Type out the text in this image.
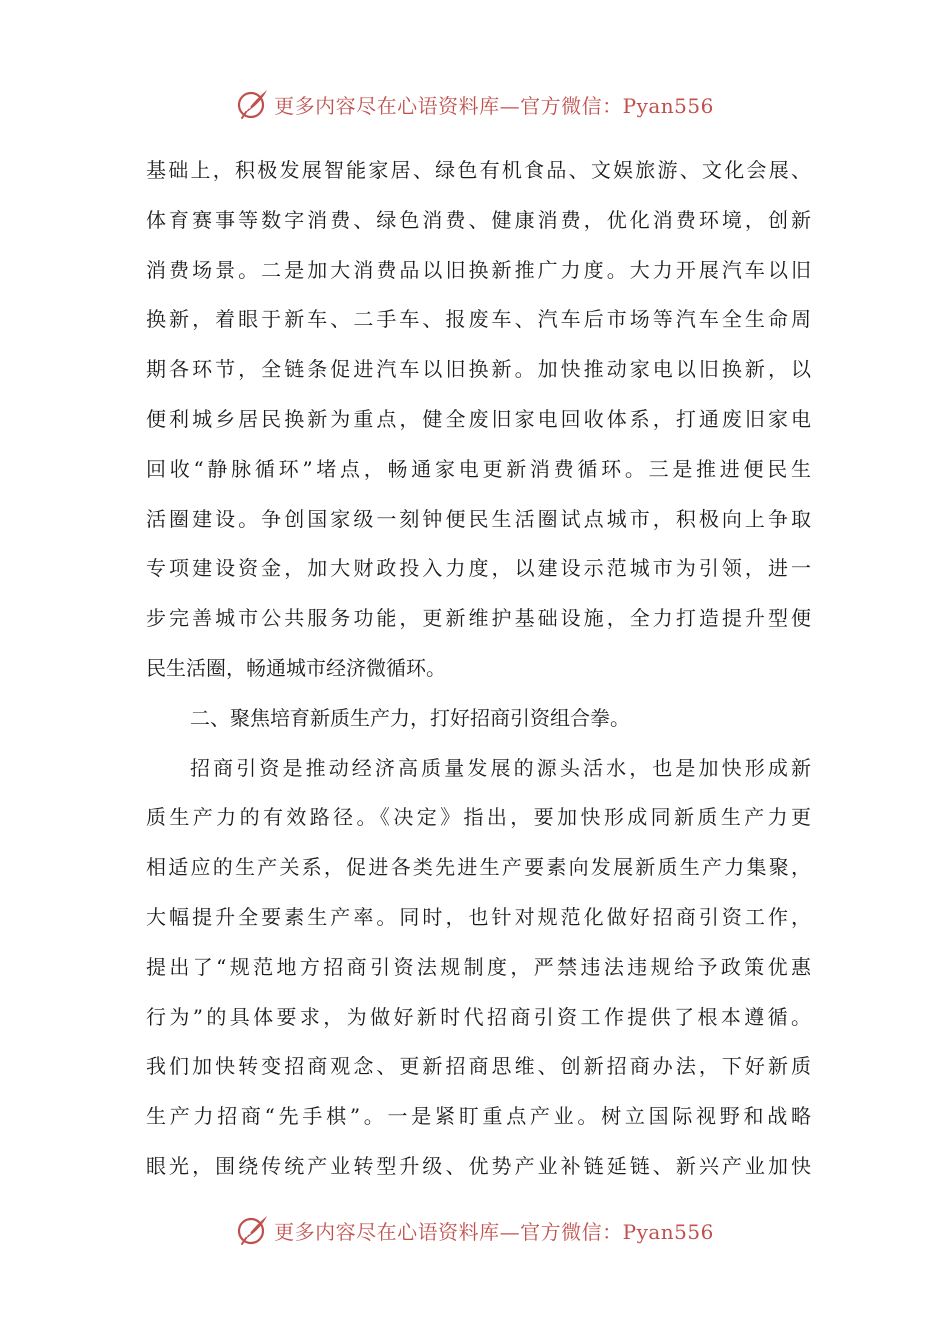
更多内容尽在心语资料库—官方微信：Pyan556
基础上，积极发展智能家居、绿色有机食品、文娱旅游、文化会展、
体育赛事等数字消费、绿色消费、健康消费，优化消费环境，创新
消费场景。二是加大消费品以旧换新推广力度。大力开展汽车以旧
换新，着眼于新车、二手车、报废车、汽车后市场等汽车全生命周
期各环节，全链条促进汽车以旧换新。加快推动家电以旧换新，以
便利城乡居民换新为重点，健全废旧家电回收体系，打通废旧家电
回收“静脉循环”堵点，畅通家电更新消费循环。三是推进便民生
活圈建设。争创国家级一刻钟便民生活圈试点城市，积极向上争取
专项建设资金，加大财政投入力度，以建设示范城市为引领，进一
步完善城市公共服务功能，更新维护基础设施，全力打造提升型便
民生活圈，畅通城市经济微循环。
二、聚焦培育新质生产力，打好招商引资组合拳。
招商引资是推动经济高质量发展的源头活水，也是加快形成新
质生产力的有效路径。《决定》指出，要加快形成同新质生产力更
相适应的生产关系，促进各类先进生产要素向发展新质生产力集聚，
大幅提升全要素生产率。同时，也针对规范化做好招商引资工作，
提出了“规范地方招商引资法规制度，严禁违法违规给予政策优惠
行为”的具体要求，为做好新时代招商引资工作提供了根本遵循。
我们加快转变招商观念、更新招商思维、创新招商办法，下好新质
生产力招商“先手棋”。一是紧盯重点产业。树立国际视野和战略
眼光，围绕传统产业转型升级、优势产业补链延链、新兴产业加快
更多内容尽在心语资料库—官方微信：Pyan556
